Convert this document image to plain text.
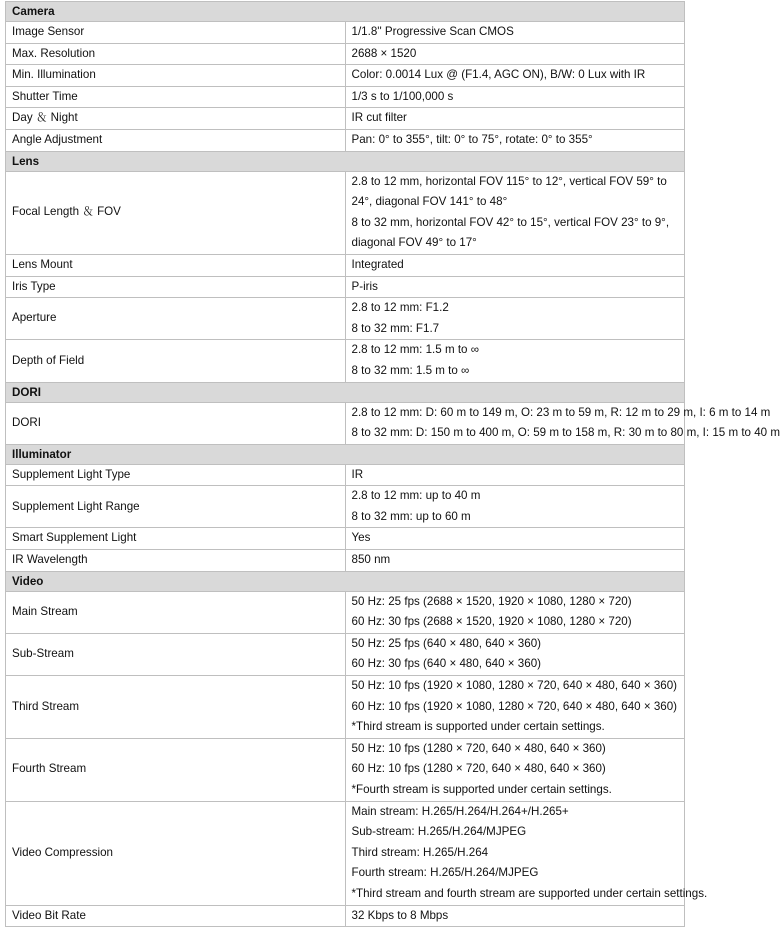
Camera	
Image Sensor	1/1.8'' Progressive Scan CMOS

Max. Resolution	2688 × 1520

Min. Illumination	Color: 0.0014 Lux @ (F1.4, AGC ON), B/W: 0 Lux with IR

Shutter Time	1/3 s to 1/100,000 s

Day ＆ Night	IR cut filter

Angle Adjustment	Pan: 0° to 355°, tilt: 0° to 75°, rotate: 0° to 355°

Lens	
Focal Length ＆ FOV	2.8 to 12 mm, horizontal FOV 115° to 12°, vertical FOV 59° to 24°, diagonal FOV 141° to 48°
8 to 32 mm, horizontal FOV 42° to 15°, vertical FOV 23° to 9°, diagonal FOV 49° to 17°

Lens Mount	Integrated

Iris Type	P-iris

Aperture	2.8 to 12 mm: F1.2
8 to 32 mm: F1.7

Depth of Field	2.8 to 12 mm: 1.5 m to ∞
8 to 32 mm: 1.5 m to ∞

DORI	
DORI	2.8 to 12 mm: D: 60 m to 149 m, O: 23 m to 59 m, R: 12 m to 29 m, I: 6 m to 14 m
8 to 32 mm: D: 150 m to 400 m, O: 59 m to 158 m, R: 30 m to 80 m, I: 15 m to 40 m

Illuminator	
Supplement Light Type	IR

Supplement Light Range	2.8 to 12 mm: up to 40 m
8 to 32 mm: up to 60 m

Smart Supplement Light	Yes

IR Wavelength	850 nm

Video	
Main Stream	50 Hz: 25 fps (2688 × 1520, 1920 × 1080, 1280 × 720)
60 Hz: 30 fps (2688 × 1520, 1920 × 1080, 1280 × 720)

Sub-Stream	50 Hz: 25 fps (640 × 480, 640 × 360)
60 Hz: 30 fps (640 × 480, 640 × 360)

Third Stream	50 Hz: 10 fps (1920 × 1080, 1280 × 720, 640 × 480, 640 × 360)
60 Hz: 10 fps (1920 × 1080, 1280 × 720, 640 × 480, 640 × 360)
*Third stream is supported under certain settings.

Fourth Stream	50 Hz: 10 fps (1280 × 720, 640 × 480, 640 × 360)
60 Hz: 10 fps (1280 × 720, 640 × 480, 640 × 360)
*Fourth stream is supported under certain settings.

Video Compression	Main stream: H.265/H.264/H.264+/H.265+
Sub-stream: H.265/H.264/MJPEG
Third stream: H.265/H.264
Fourth stream: H.265/H.264/MJPEG
*Third stream and fourth stream are supported under certain settings.

Video Bit Rate	32 Kbps to 8 Mbps
